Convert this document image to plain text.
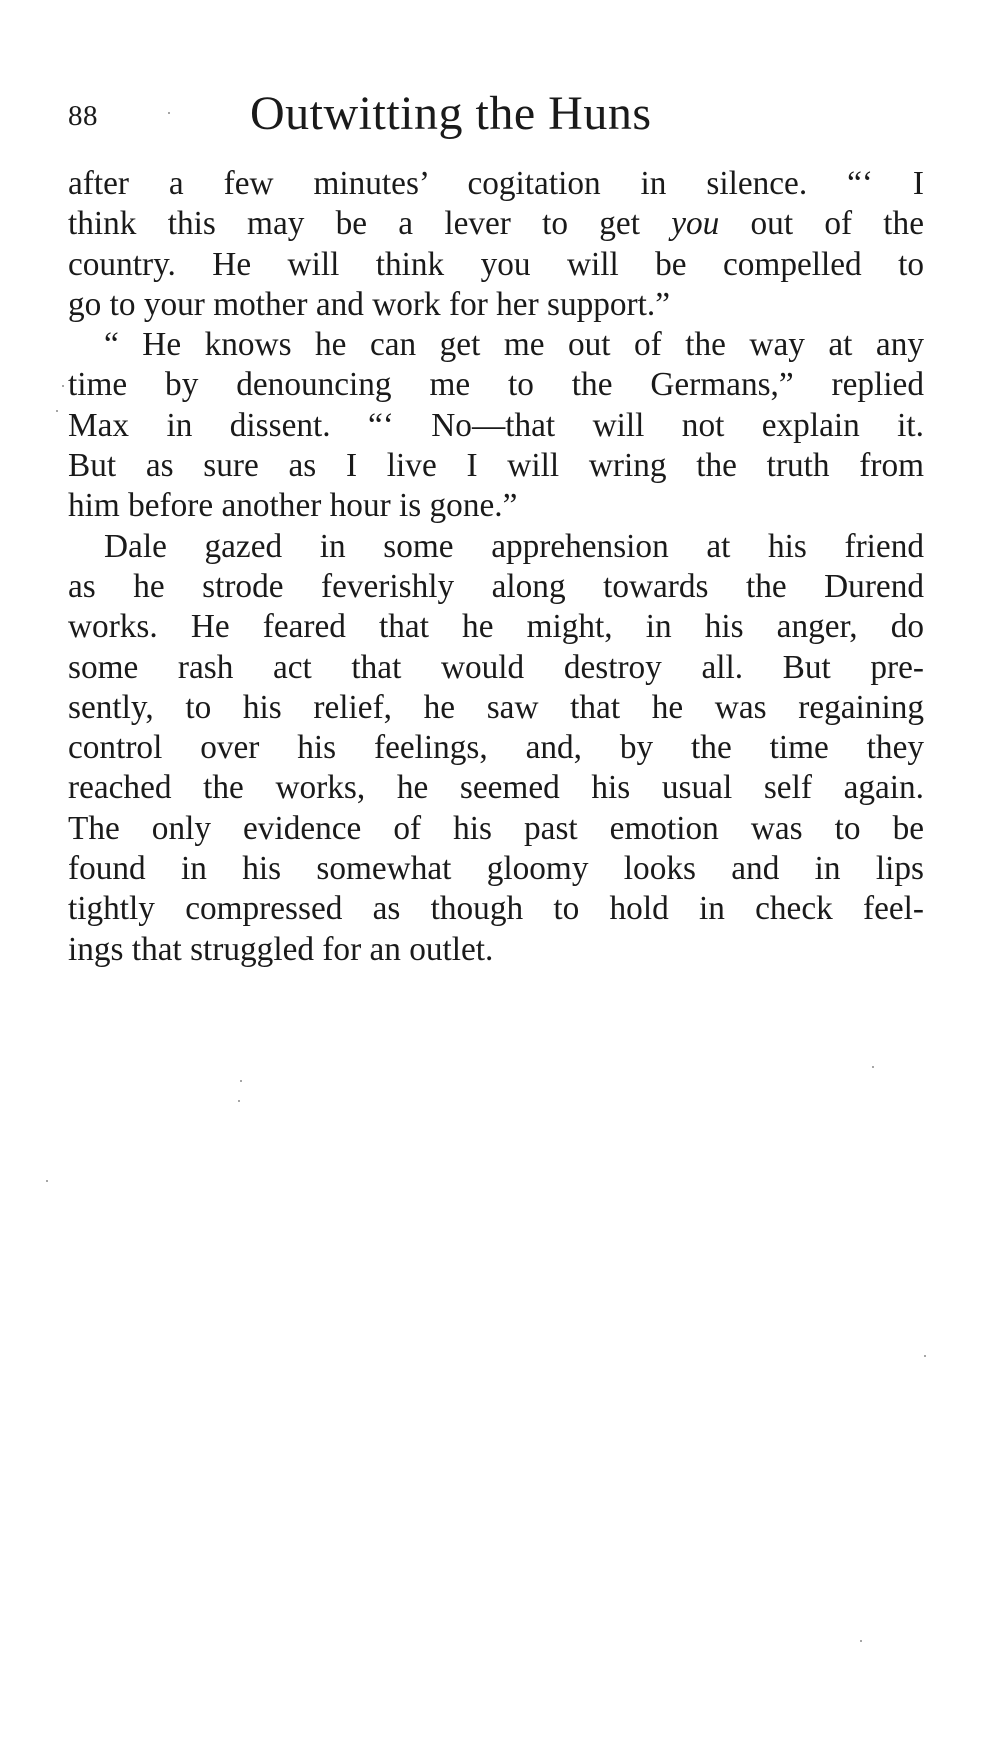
88	Outwitting the Huns
after a few minutes’ cogitation in silence. “‘ I
think this may be a lever to get you out of the
country. He will think you will be compelled to
go to your mother and work for her support.”
“ He knows he can get me out of the way at any
time by denouncing me to the Germans,” replied
Max in dissent. “‘ No—that will not explain it.
But as sure as I live I will wring the truth from
him before another hour is gone.”
Dale gazed in some apprehension at his friend
as he strode feverishly along towards the Durend
works. He feared that he might, in his anger, do
some rash act that would destroy all. But pre-
sently, to his relief, he saw that he was regaining
control over his feelings, and, by the time they
reached the works, he seemed his usual self again.
The only evidence of his past emotion was to be
found in his somewhat gloomy looks and in lips
tightly compressed as though to hold in check feel-
ings that struggled for an outlet.
